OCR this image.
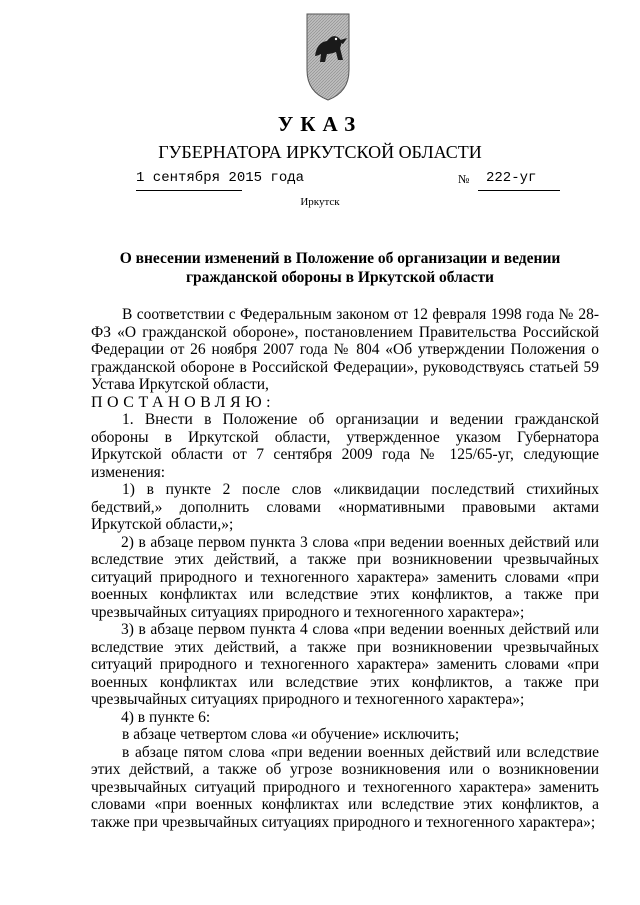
УКАЗ
ГУБЕРНАТОРА ИРКУТСКОЙ ОБЛАСТИ
1 сентября 2015 года	№ 222-уг
Иркутск
О внесении изменений в Положение об организации и ведении гражданской обороны в Иркутской области

В соответствии с Федеральным законом от 12 февраля 1998 года № 28-ФЗ «О гражданской обороне», постановлением Правительства Российской Федерации от 26 ноября 2007 года № 804 «Об утверждении Положения о гражданской обороне в Российской Федерации», руководствуясь статьей 59 Устава Иркутской области,

ПОСТАНОВЛЯЮ:

1. Внести в Положение об организации и ведении гражданской обороны в Иркутской области, утвержденное указом Губернатора Иркутской области от 7 сентября 2009 года № 125/65-уг, следующие изменения:

1) в пункте 2 после слов «ликвидации последствий стихийных бедствий,» дополнить словами «нормативными правовыми актами Иркутской области,»;

2) в абзаце первом пункта 3 слова «при ведении военных действий или вследствие этих действий, а также при возникновении чрезвычайных ситуаций природного и техногенного характера» заменить словами «при военных конфликтах или вследствие этих конфликтов, а также при чрезвычайных ситуациях природного и техногенного характера»;

3) в абзаце первом пункта 4 слова «при ведении военных действий или вследствие этих действий, а также при возникновении чрезвычайных ситуаций природного и техногенного характера» заменить словами «при военных конфликтах или вследствие этих конфликтов, а также при чрезвычайных ситуациях природного и техногенного характера»;

4) в пункте 6:

в абзаце четвертом слова «и обучение» исключить;

в абзаце пятом слова «при ведении военных действий или вследствие этих действий, а также об угрозе возникновения или о возникновении чрезвычайных ситуаций природного и техногенного характера» заменить словами «при военных конфликтах или вследствие этих конфликтов, а также при чрезвычайных ситуациях природного и техногенного характера»;
